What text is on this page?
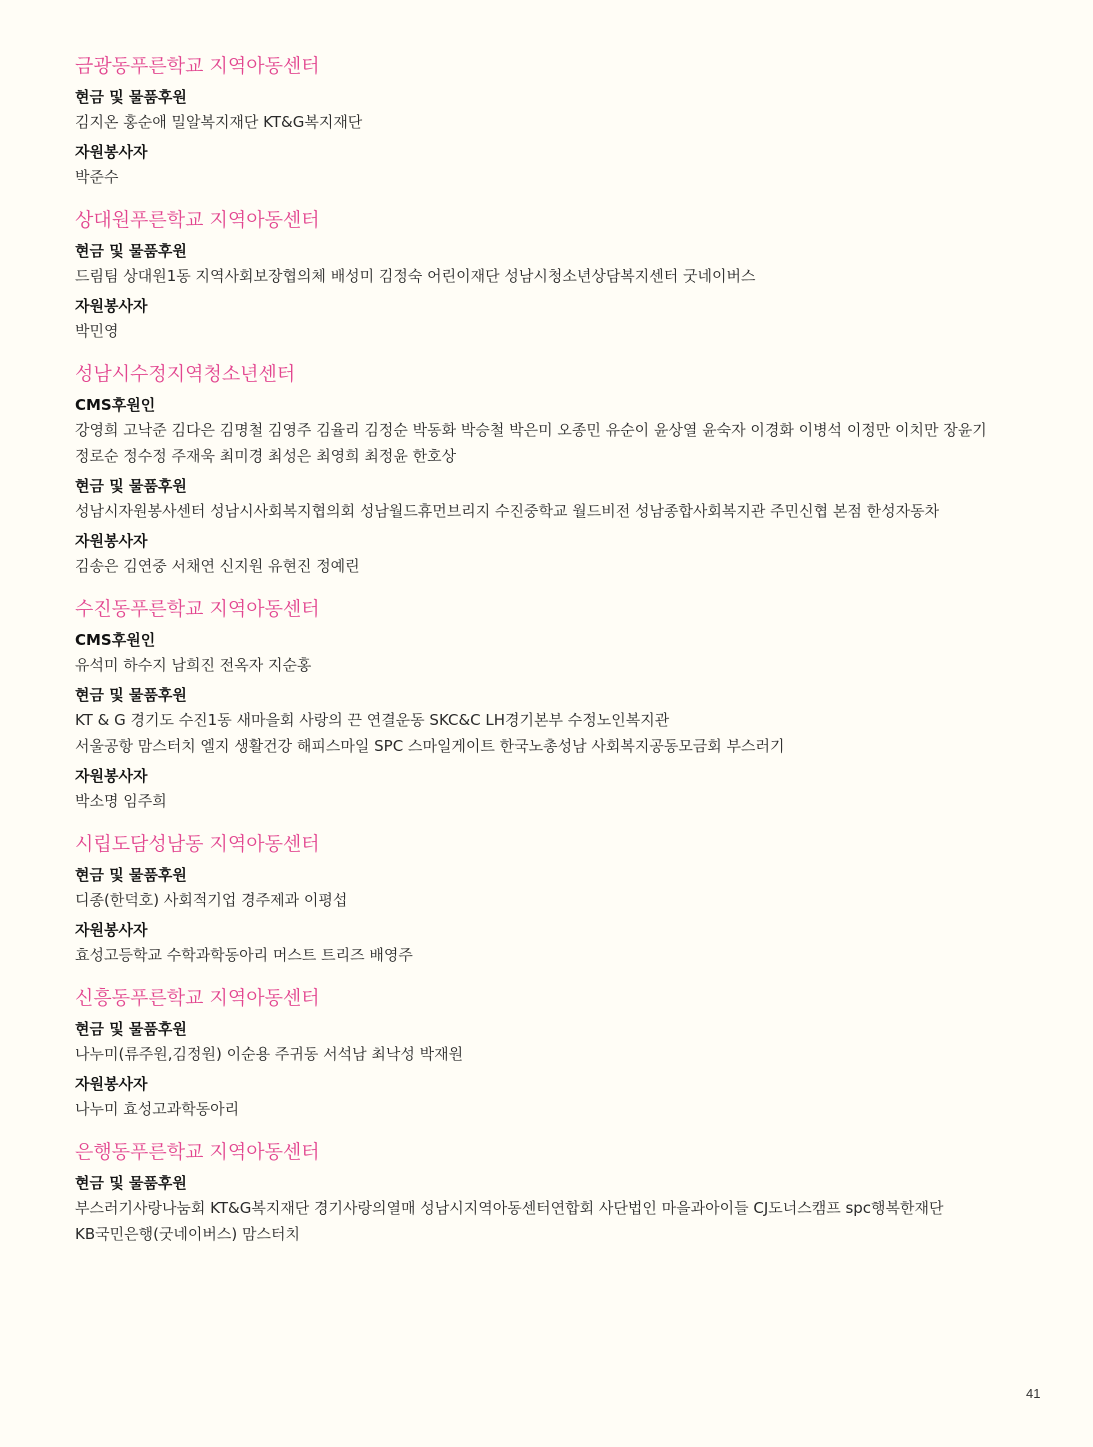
금광동푸른학교 지역아동센터
현금 및 물품후원
김지온 홍순애 밀알복지재단 KT&G복지재단
자원봉사자
박준수
상대원푸른학교 지역아동센터
현금 및 물품후원
드림팀 상대원1동 지역사회보장협의체 배성미 김정숙 어린이재단 성남시청소년상담복지센터 굿네이버스
자원봉사자
박민영
성남시수정지역청소년센터
CMS후원인
강영희 고낙준 김다은 김명철 김영주 김율리 김정순 박동화 박승철 박은미 오종민 유순이 윤상열 윤숙자 이경화 이병석 이정만 이치만 장윤기
정로순 정수정 주재욱 최미경 최성은 최영희 최정윤 한호상
현금 및 물품후원
성남시자원봉사센터 성남시사회복지협의회 성남월드휴먼브리지 수진중학교 월드비전 성남종합사회복지관 주민신협 본점 한성자동차
자원봉사자
김송은 김연중 서채연 신지원 유현진 정예린
수진동푸른학교 지역아동센터
CMS후원인
유석미 하수지 남희진 전옥자 지순홍
현금 및 물품후원
KT & G 경기도 수진1동 새마을회 사랑의 끈 연결운동 SKC&C LH경기본부 수정노인복지관
서울공항 맘스터치 엘지 생활건강 해피스마일 SPC 스마일게이트 한국노총성남 사회복지공동모금회 부스러기
자원봉사자
박소명 임주희
시립도담성남동 지역아동센터
현금 및 물품후원
디종(한덕호) 사회적기업 경주제과 이평섭
자원봉사자
효성고등학교 수학과학동아리 머스트 트리즈 배영주
신흥동푸른학교 지역아동센터
현금 및 물품후원
나누미(류주원,김정원) 이순용 주귀동 서석남 최낙성 박재원
자원봉사자
나누미 효성고과학동아리
은행동푸른학교 지역아동센터
현금 및 물품후원
부스러기사랑나눔회 KT&G복지재단 경기사랑의열매 성남시지역아동센터연합회 사단법인 마을과아이들 CJ도너스캠프 spc행복한재단
KB국민은행(굿네이버스) 맘스터치
41
